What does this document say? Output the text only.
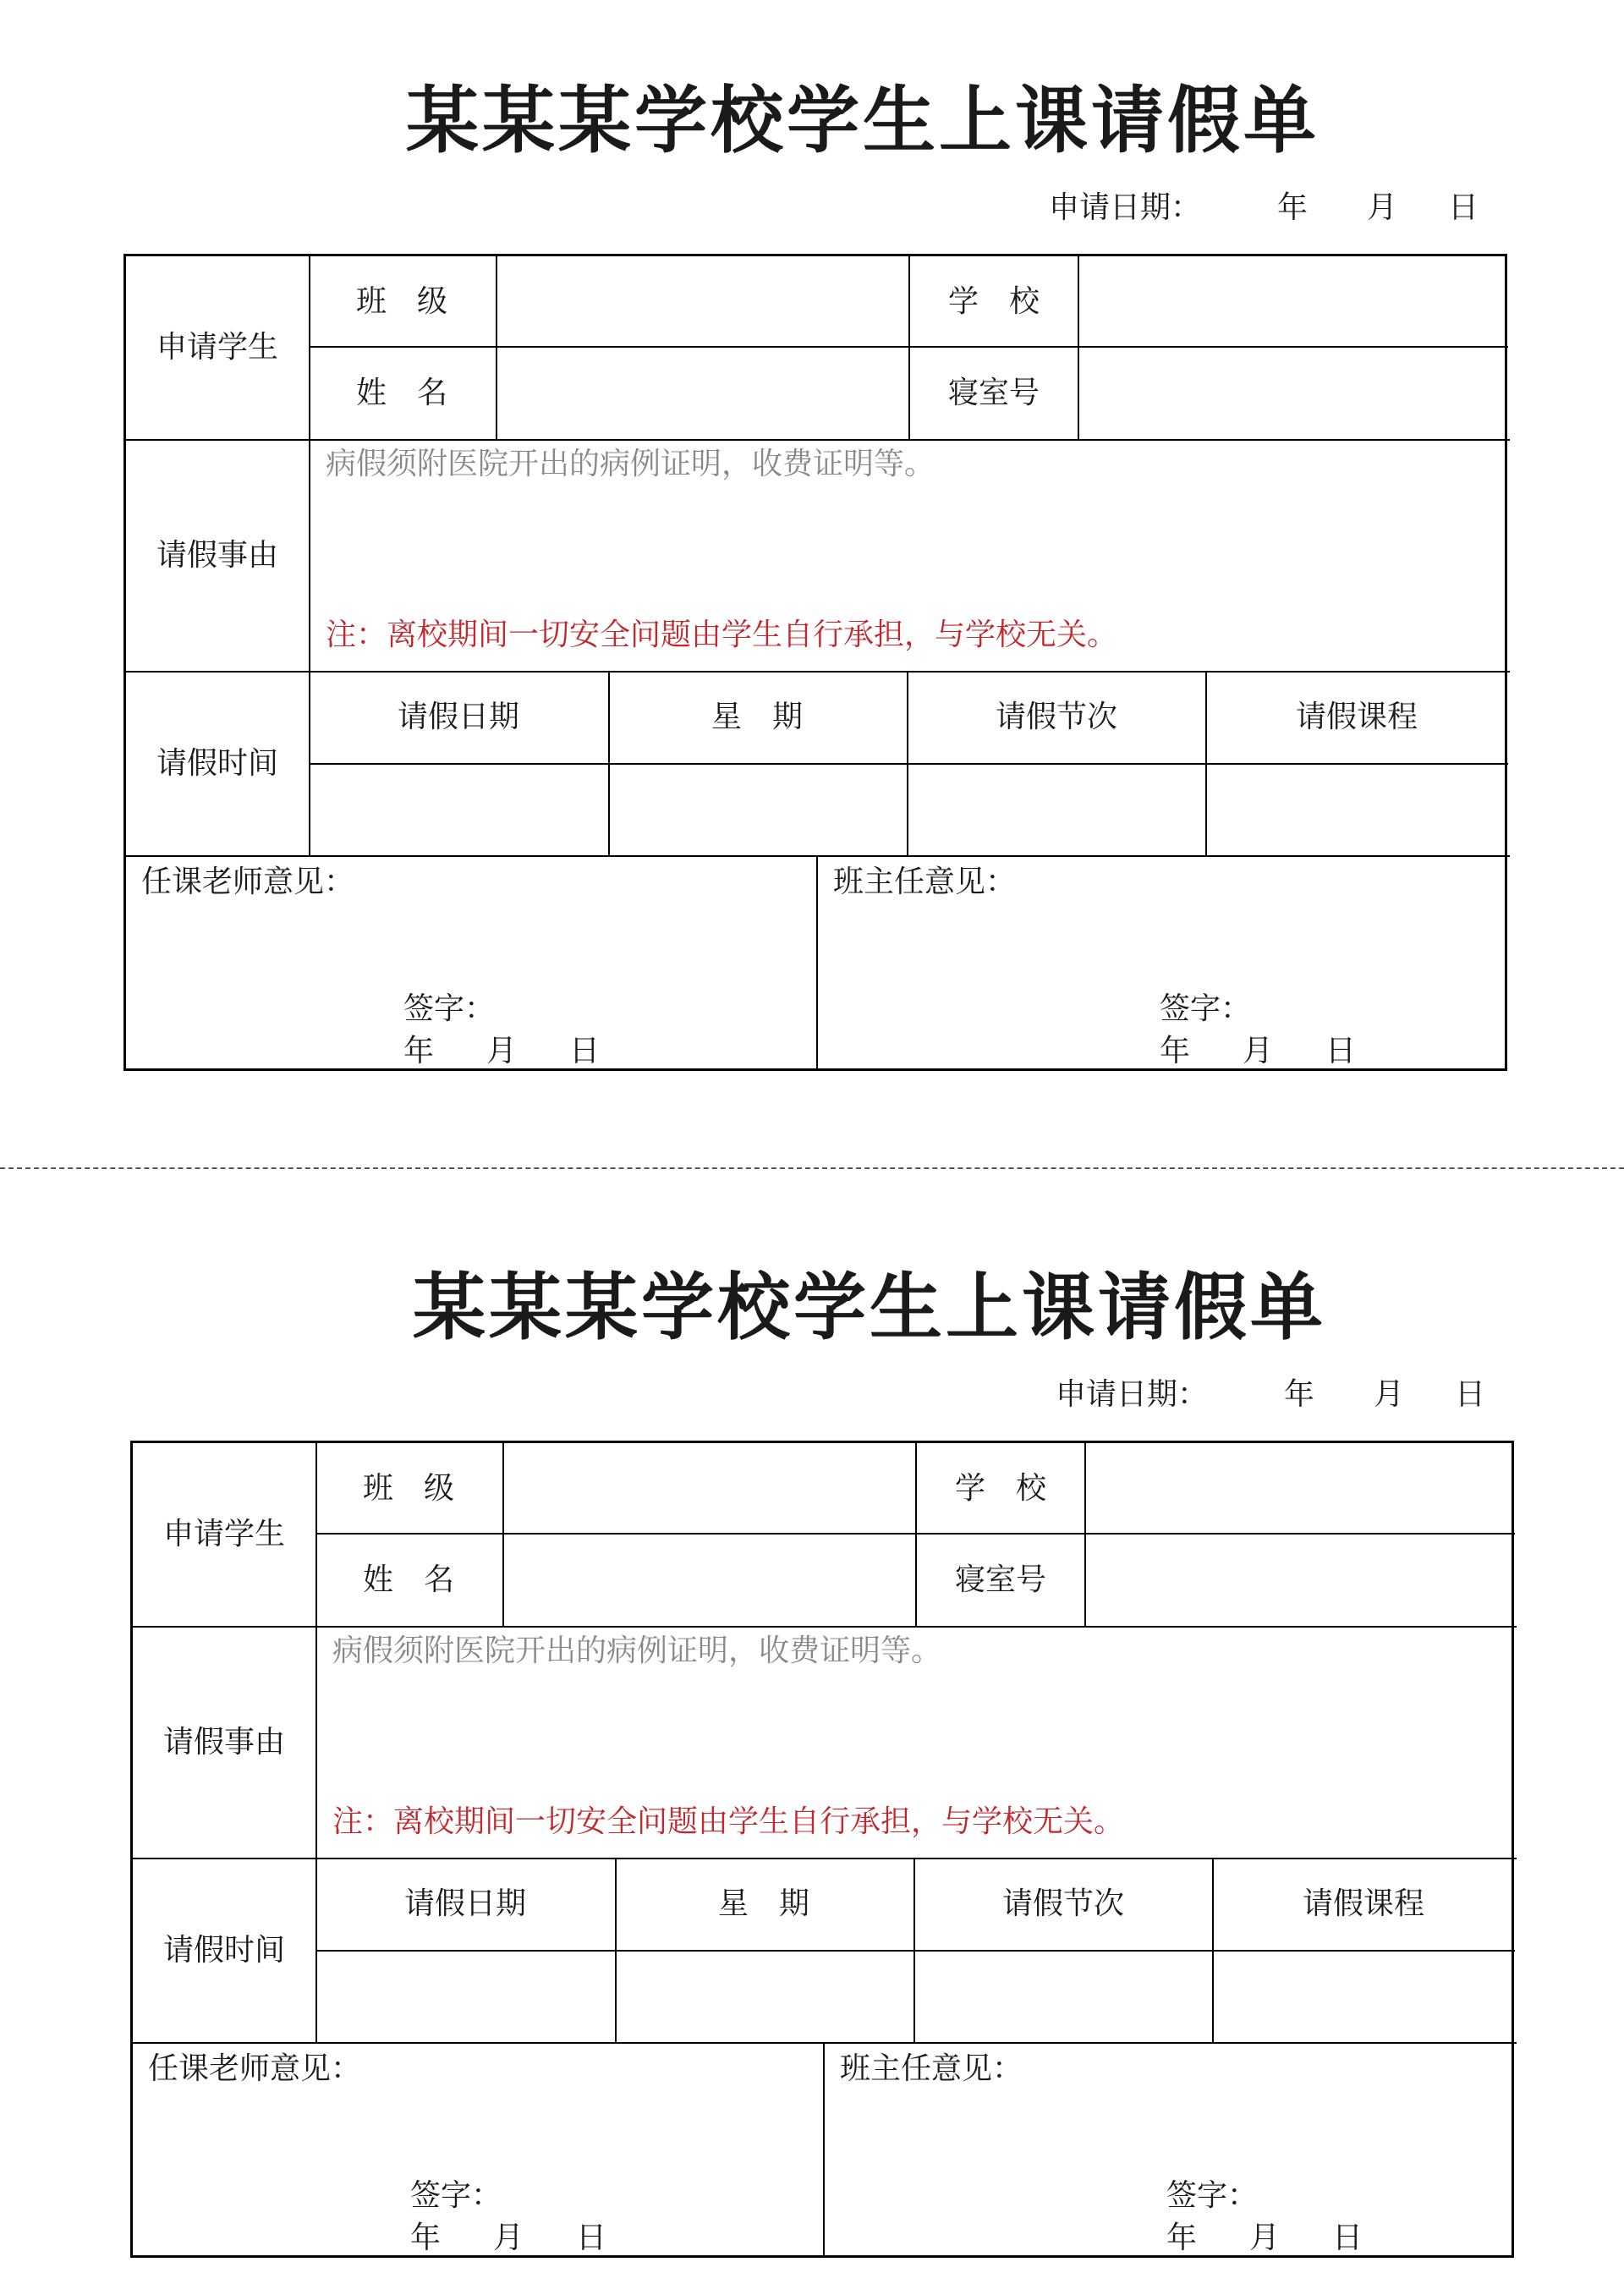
某某某学校学生上课请假单
申请日期：	年 月 日
申请学生
班　级	学　校
姓　名	寝室号
请假事由
病假须附医院开出的病例证明，收费证明等。
注：离校期间一切安全问题由学生自行承担，与学校无关。
请假时间
请假日期	星　期	请假节次	请假课程
任课老师意见：	班主任意见：
签字：
年 月 日
签字：
年 月 日
某某某学校学生上课请假单
申请日期：	年 月 日
申请学生
班　级	学　校
姓　名	寝室号
请假事由
病假须附医院开出的病例证明，收费证明等。
注：离校期间一切安全问题由学生自行承担，与学校无关。
请假时间
请假日期	星　期	请假节次	请假课程
任课老师意见：	班主任意见：
签字：
年 月 日
签字：
年 月 日
